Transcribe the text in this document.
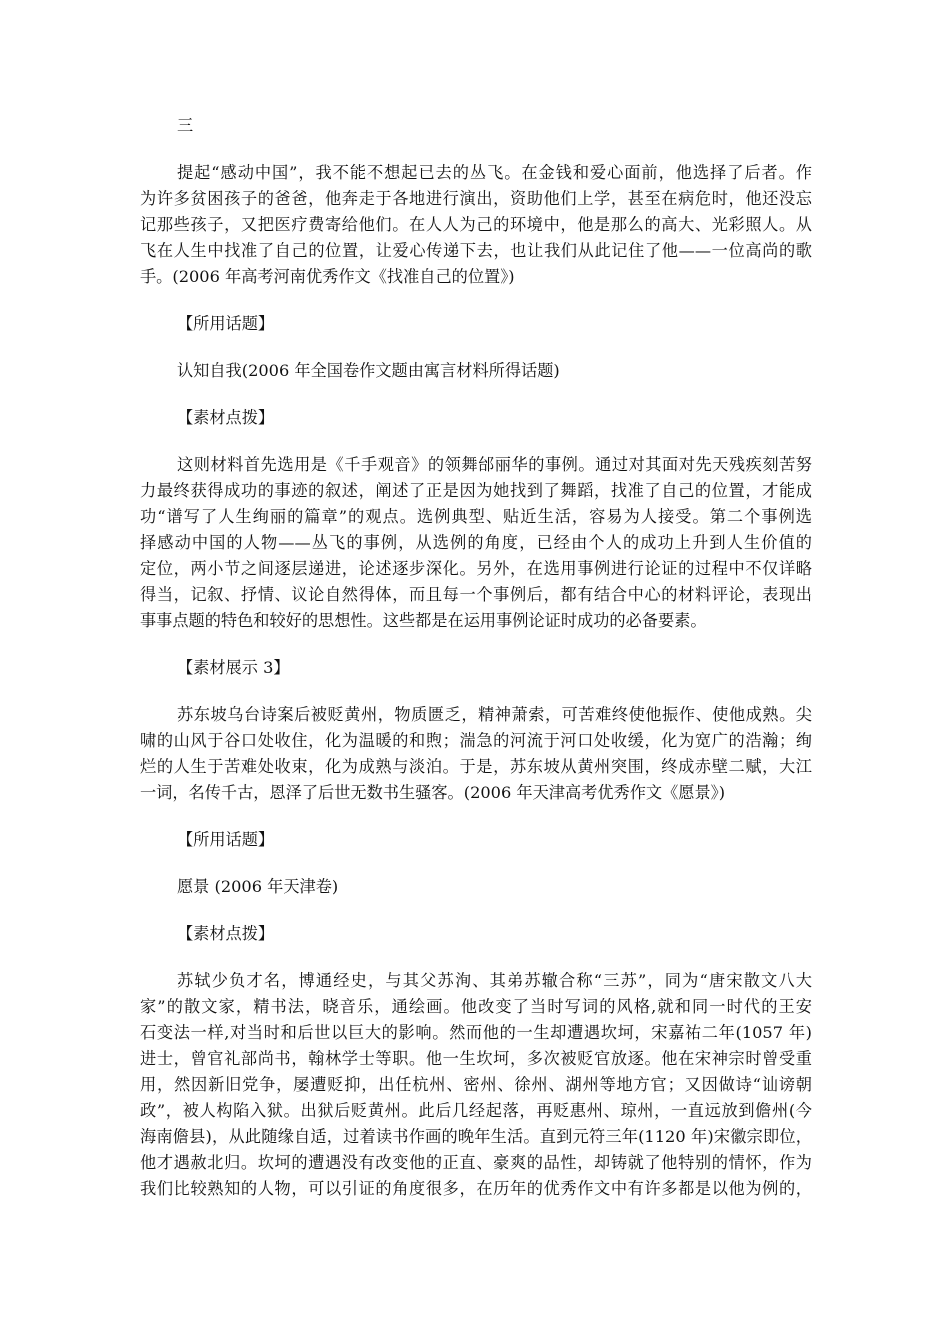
三
提起“感动中国”，我不能不想起已去的丛飞。在金钱和爱心面前，他选择了后者。作
为许多贫困孩子的爸爸，他奔走于各地进行演出，资助他们上学，甚至在病危时，他还没忘
记那些孩子，又把医疗费寄给他们。在人人为己的环境中，他是那么的高大、光彩照人。从
飞在人生中找准了自己的位置，让爱心传递下去，也让我们从此记住了他——一位高尚的歌
手。(2006 年高考河南优秀作文《找准自己的位置》)
【所用话题】
认知自我(2006 年全国卷作文题由寓言材料所得话题)
【素材点拨】
这则材料首先选用是《千手观音》的领舞邰丽华的事例。通过对其面对先天残疾刻苦努
力最终获得成功的事迹的叙述，阐述了正是因为她找到了舞蹈，找准了自己的位置，才能成
功“谱写了人生绚丽的篇章”的观点。选例典型、贴近生活，容易为人接受。第二个事例选
择感动中国的人物——丛飞的事例，从选例的角度，已经由个人的成功上升到人生价值的
定位，两小节之间逐层递进，论述逐步深化。另外，在选用事例进行论证的过程中不仅详略
得当，记叙、抒情、议论自然得体，而且每一个事例后，都有结合中心的材料评论，表现出
事事点题的特色和较好的思想性。这些都是在运用事例论证时成功的必备要素。
【素材展示 3】
苏东坡乌台诗案后被贬黄州，物质匮乏，精神萧索，可苦难终使他振作、使他成熟。尖
啸的山风于谷口处收住，化为温暖的和煦；湍急的河流于河口处收缓，化为宽广的浩瀚；绚
烂的人生于苦难处收束，化为成熟与淡泊。于是，苏东坡从黄州突围，终成赤壁二赋，大江
一词，名传千古，恩泽了后世无数书生骚客。(2006 年天津高考优秀作文《愿景》)
【所用话题】
愿景 (2006 年天津卷)
【素材点拨】
苏轼少负才名，博通经史，与其父苏洵、其弟苏辙合称“三苏”，同为“唐宋散文八大
家”的散文家，精书法，晓音乐，通绘画。他改变了当时写词的风格,就和同一时代的王安
石变法一样,对当时和后世以巨大的影响。然而他的一生却遭遇坎坷，宋嘉祐二年(1057 年)
进士，曾官礼部尚书，翰林学士等职。他一生坎坷，多次被贬官放逐。他在宋神宗时曾受重
用，然因新旧党争，屡遭贬抑，出任杭州、密州、徐州、湖州等地方官；又因做诗“讪谤朝
政”，被人构陷入狱。出狱后贬黄州。此后几经起落，再贬惠州、琼州，一直远放到儋州(今
海南儋县)，从此随缘自适，过着读书作画的晚年生活。直到元符三年(1120 年)宋徽宗即位，
他才遇赦北归。坎坷的遭遇没有改变他的正直、豪爽的品性，却铸就了他特别的情怀，作为
我们比较熟知的人物，可以引证的角度很多，在历年的优秀作文中有许多都是以他为例的，
